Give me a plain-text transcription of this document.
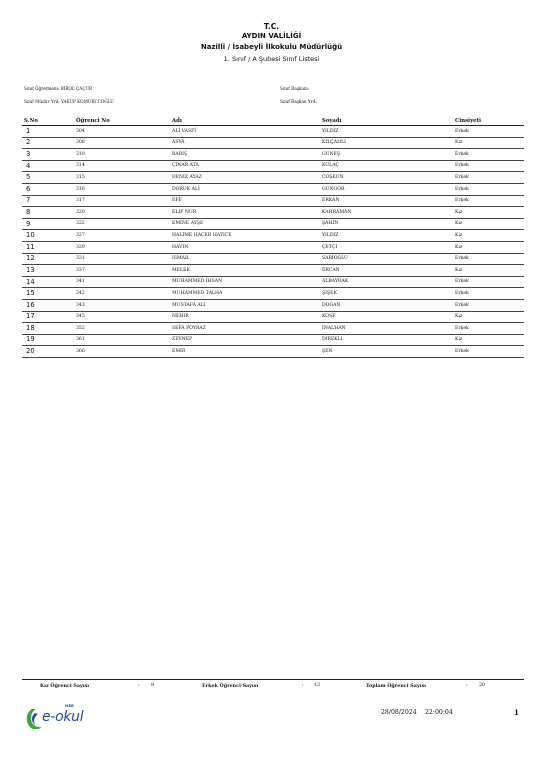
T.C.
AYDIN VALİLİĞİ
Nazilli / İsabeyli İlkokulu Müdürlüğü
1. Sınıf / A Şubesi Sınıf Listesi
Sınıf Öğretmeni: BIROL ÇAÇUR	Sınıf Başkanı:
Sınıf Müdür Yrd: YAKUP KOMURCCOĞLU	Sınıf Başkan Yrd:
S.No	Öğrenci No	Adı	Soyadı	Cinsiyeti
1	304	ALİ VASFİ	YILDIZ	Erkek
2	308	ASYA	KILÇAHLI	Kız
3	310	BARIŞ	GUNEŞ	Erkek
4	314	ÇINAR ATA	KULAÇ	Erkek
5	315	DENIZ AYAZ	COŞKUN	Erkek
6	316	DORUK ALİ	GUNGOR	Erkek
7	317	EFE	ERKAN	Erkek
8	320	ELIF NUR	KAHRAMAN	Kız
9	322	EMINE AYŞE	ŞAHIN	Kız
10	327	HALIME HACER HATICE	YILDIZ	Kız
11	329	HAVIN	ÇETÇI	Kız
12	331	ISMAIL	SARIOĞLU	Erkek
13	337	MELEK	ERCAN	Kız
14	341	MUHAMMED İHSAN	ALBAYRAK	Erkek
15	342	MUHAMMED TALHA	ŞIŞEK	Erkek
16	343	MUSTAFA ALİ	DOĞAN	Erkek
17	345	NEHIR	KOSE	Kız
18	352	SEFA POYRAZ	INALHAN	Erkek
19	361	ZEYNEP	DIREKLI	Kız
20	366	EMIR	ŞEN	Erkek
Kız Öğrenci Sayısı	: 8	Erkek Öğrenci Sayısı	: 12	Toplam Öğrenci Sayısı	: 20
MEB
e-okul	28/08/2024 22:00:04	1
